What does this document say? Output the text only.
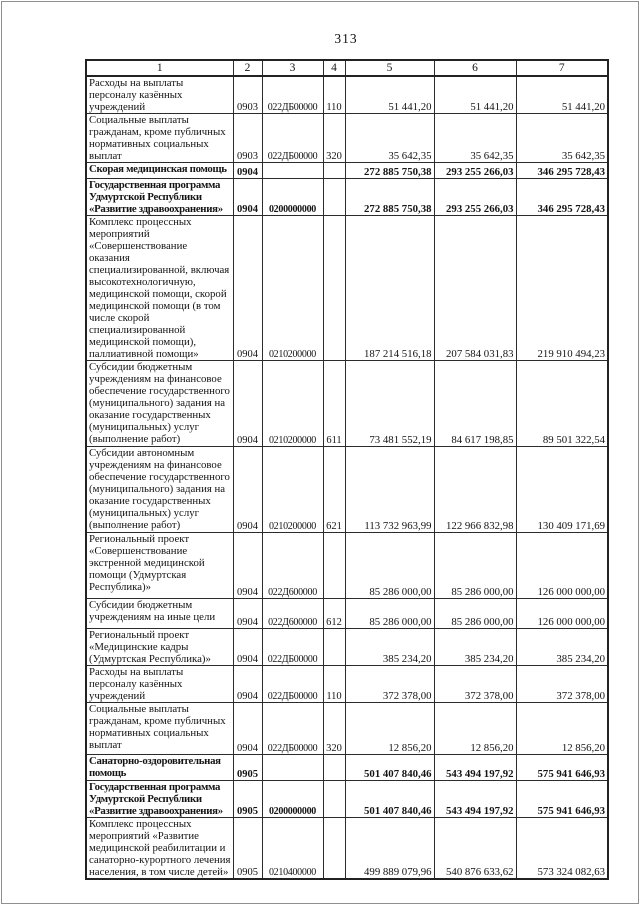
313
1	2	3	4	5	6	7
Расходы на выплаты персоналу казённых учреждений	0903	022ДБ00000	110	51 441,20	51 441,20	51 441,20
Социальные выплаты гражданам, кроме публичных нормативных социальных выплат	0903	022ДБ00000	320	35 642,35	35 642,35	35 642,35
Скорая медицинская помощь	0904			272 885 750,38	293 255 266,03	346 295 728,43
Государственная программа Удмуртской Республики «Развитие здравоохранения»	0904	0200000000		272 885 750,38	293 255 266,03	346 295 728,43
Комплекс процессных мероприятий «Совершенствование оказания специализированной, включая высокотехнологичную, медицинской помощи, скорой медицинской помощи (в том числе скорой специализированной медицинской помощи), паллиативной помощи»	0904	0210200000		187 214 516,18	207 584 031,83	219 910 494,23
Субсидии бюджетным учреждениям на финансовое обеспечение государственного (муниципального) задания на оказание государственных (муниципальных) услуг (выполнение работ)	0904	0210200000	611	73 481 552,19	84 617 198,85	89 501 322,54
Субсидии автономным учреждениям на финансовое обеспечение государственного (муниципального) задания на оказание государственных (муниципальных) услуг (выполнение работ)	0904	0210200000	621	113 732 963,99	122 966 832,98	130 409 171,69
Региональный проект «Совершенствование экстренной медицинской помощи (Удмуртская Республика)»	0904	022Д600000		85 286 000,00	85 286 000,00	126 000 000,00
Субсидии бюджетным учреждениям на иные цели	0904	022Д600000	612	85 286 000,00	85 286 000,00	126 000 000,00
Региональный проект «Медицинские кадры (Удмуртская Республика)»	0904	022ДБ00000		385 234,20	385 234,20	385 234,20
Расходы на выплаты персоналу казённых учреждений	0904	022ДБ00000	110	372 378,00	372 378,00	372 378,00
Социальные выплаты гражданам, кроме публичных нормативных социальных выплат	0904	022ДБ00000	320	12 856,20	12 856,20	12 856,20
Санаторно-оздоровительная помощь	0905			501 407 840,46	543 494 197,92	575 941 646,93
Государственная программа Удмуртской Республики «Развитие здравоохранения»	0905	0200000000		501 407 840,46	543 494 197,92	575 941 646,93
Комплекс процессных мероприятий «Развитие медицинской реабилитации и санаторно-курортного лечения населения, в том числе детей»	0905	0210400000		499 889 079,96	540 876 633,62	573 324 082,63
